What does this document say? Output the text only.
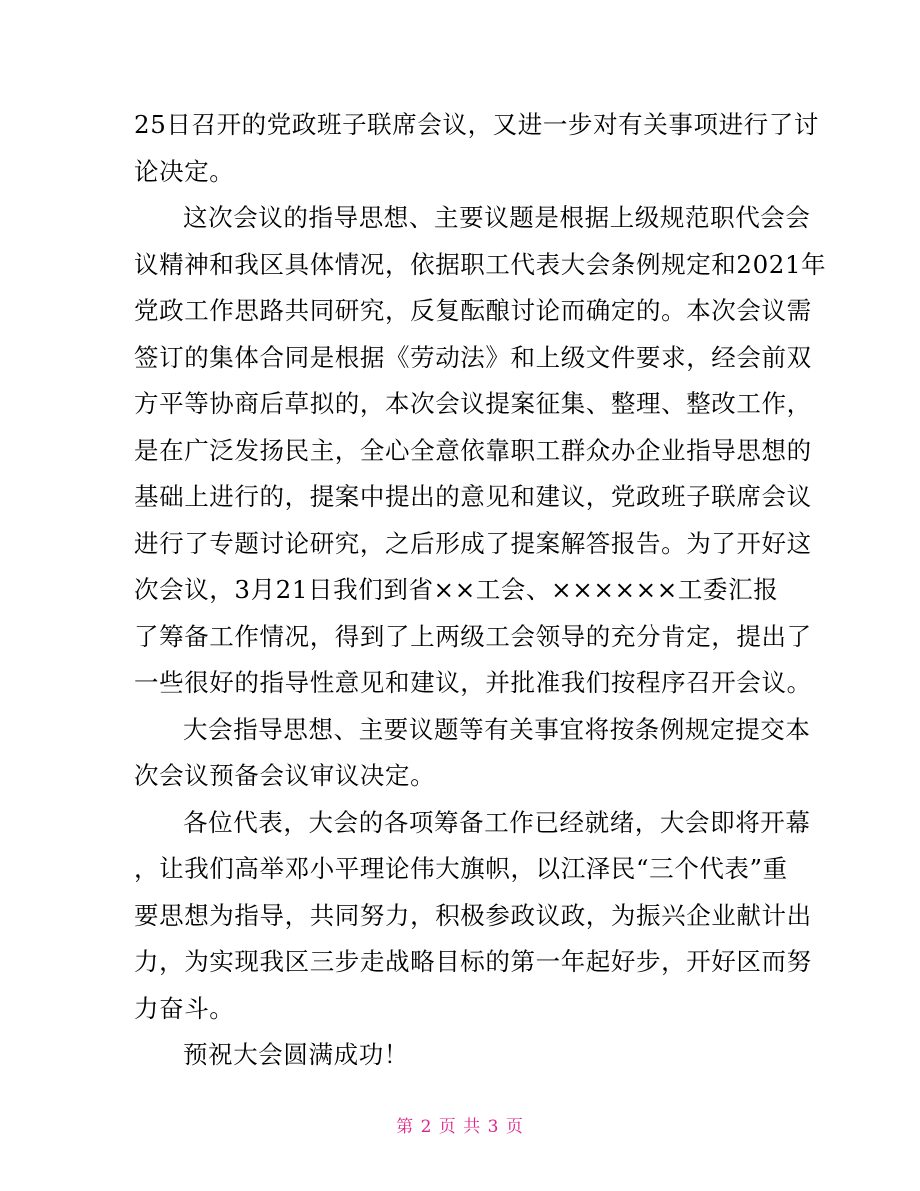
25日召开的党政班子联席会议，又进一步对有关事项进行了讨
论决定。
这次会议的指导思想、主要议题是根据上级规范职代会会
议精神和我区具体情况，依据职工代表大会条例规定和2021年
党政工作思路共同研究，反复酝酿讨论而确定的。本次会议需
签订的集体合同是根据《劳动法》和上级文件要求，经会前双
方平等协商后草拟的，本次会议提案征集、整理、整改工作，
是在广泛发扬民主，全心全意依靠职工群众办企业指导思想的
基础上进行的，提案中提出的意见和建议，党政班子联席会议
进行了专题讨论研究，之后形成了提案解答报告。为了开好这
次会议，3月21日我们到省××工会、××××××工委汇报
了筹备工作情况，得到了上两级工会领导的充分肯定，提出了
一些很好的指导性意见和建议，并批准我们按程序召开会议。
大会指导思想、主要议题等有关事宜将按条例规定提交本
次会议预备会议审议决定。
各位代表，大会的各项筹备工作已经就绪，大会即将开幕
，让我们高举邓小平理论伟大旗帜，以江泽民“三个代表”重
要思想为指导，共同努力，积极参政议政，为振兴企业献计出
力，为实现我区三步走战略目标的第一年起好步，开好区而努
力奋斗。
预祝大会圆满成功！
第 2 页 共 3 页
